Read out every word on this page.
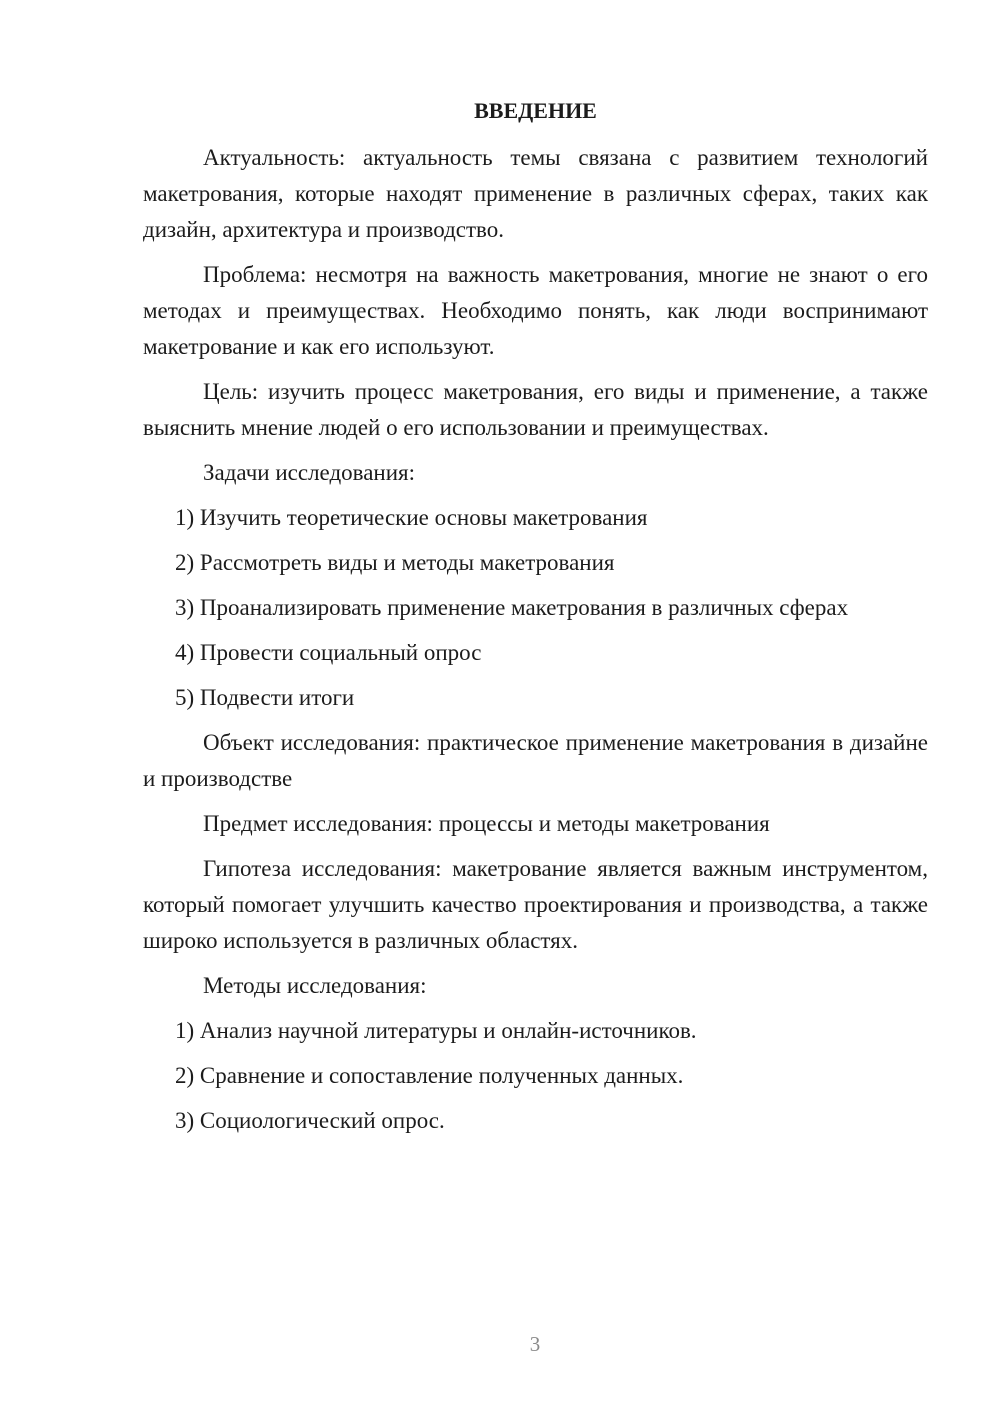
ВВЕДЕНИЕ

Актуальность: актуальность темы связана с развитием технологий макетрования, которые находят применение в различных сферах, таких как дизайн, архитектура и производство.

Проблема: несмотря на важность макетрования, многие не знают о его методах и преимуществах. Необходимо понять, как люди воспринимают макетрование и как его используют.

Цель: изучить процесс макетрования, его виды и применение, а также выяснить мнение людей о его использовании и преимуществах.

Задачи исследования:

1) Изучить теоретические основы макетрования
2) Рассмотреть виды и методы макетрования
3) Проанализировать применение макетрования в различных сферах
4) Провести социальный опрос
5) Подвести итоги

Объект исследования: практическое применение макетрования в дизайне и производстве

Предмет исследования: процессы и методы макетрования

Гипотеза исследования: макетрование является важным инструментом, который помогает улучшить качество проектирования и производства, а также широко используется в различных областях.

Методы исследования:

1) Анализ научной литературы и онлайн-источников.
2) Сравнение и сопоставление полученных данных.
3) Социологический опрос.
3
